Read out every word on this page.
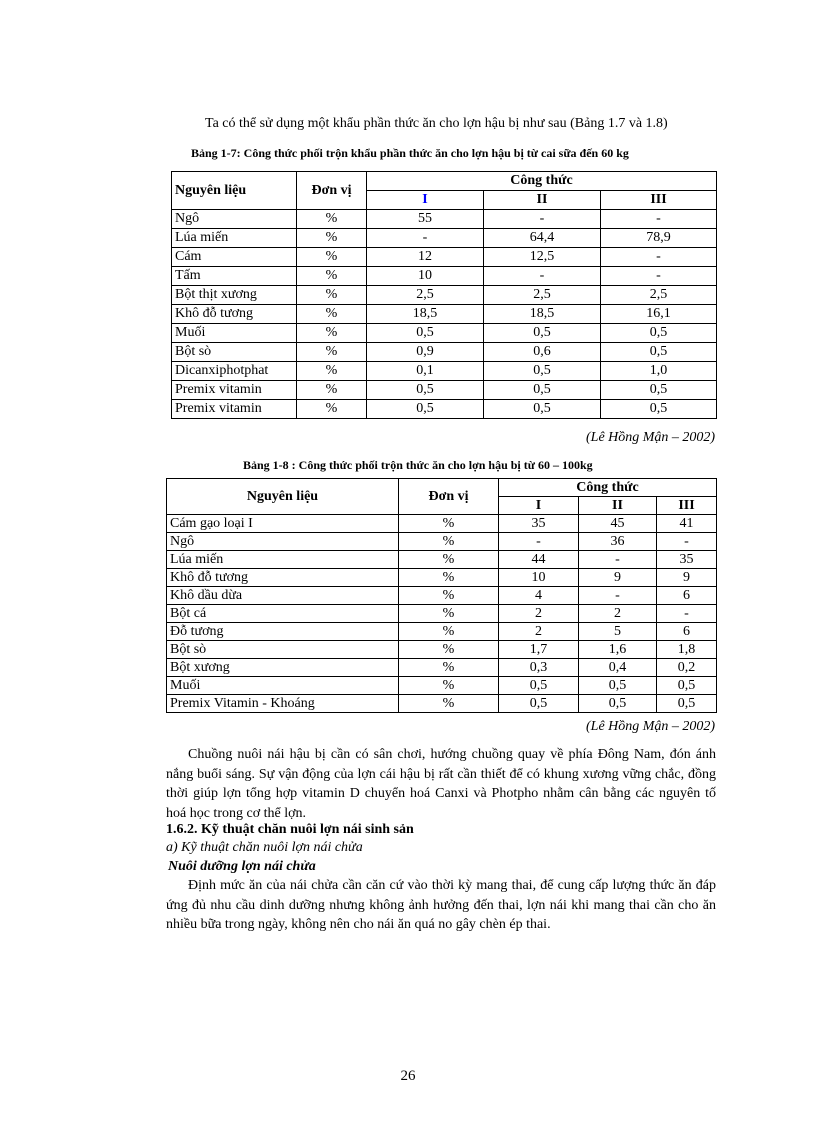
Ta có thể sử dụng một khẩu phần thức ăn cho lợn hậu bị như sau (Bảng 1.7 và 1.8)
Bảng 1-7: Công thức phối trộn khẩu phần thức ăn cho lợn hậu bị từ cai sữa đến 60 kg
Nguyên liệu	Đơn vị	Công thức		
		I	II	III
Ngô	%	55	-	-
Lúa miến	%	-	64,4	78,9
Cám	%	12	12,5	-
Tấm	%	10	-	-
Bột thịt xương	%	2,5	2,5	2,5
Khô đỗ tương	%	18,5	18,5	16,1
Muối	%	0,5	0,5	0,5
Bột sò	%	0,9	0,6	0,5
Dicanxiphotphat	%	0,1	0,5	1,0
Premix vitamin	%	0,5	0,5	0,5
Premix vitamin	%	0,5	0,5	0,5
(Lê Hồng Mận – 2002)
Bảng 1-8 : Công thức phối trộn thức ăn cho lợn hậu bị từ 60 – 100kg
Nguyên liệu	Đơn vị	Công thức		
		I	II	III
Cám gạo loại I	%	35	45	41
Ngô	%	-	36	-
Lúa miến	%	44	-	35
Khô đỗ tương	%	10	9	9
Khô dầu dừa	%	4	-	6
Bột cá	%	2	2	-
Đỗ tương	%	2	5	6
Bột sò	%	1,7	1,6	1,8
Bột xương	%	0,3	0,4	0,2
Muối	%	0,5	0,5	0,5
Premix Vitamin - Khoáng	%	0,5	0,5	0,5
(Lê Hồng Mận – 2002)
Chuồng nuôi nái hậu bị cần có sân chơi, hướng chuồng quay về phía Đông Nam, đón ánh nắng buổi sáng. Sự vận động của lợn cái hậu bị rất cần thiết để có khung xương vững chắc, đồng thời giúp lợn tổng hợp vitamin D chuyển hoá Canxi và Photpho nhằm cân bằng các nguyên tố hoá học trong cơ thể lợn.
1.6.2. Kỹ thuật chăn nuôi lợn nái sinh sản
a) Kỹ thuật chăn nuôi lợn nái chửa
Nuôi dưỡng lợn nái chửa
Định mức ăn của nái chửa cần căn cứ vào thời kỳ mang thai, để cung cấp lượng thức ăn đáp ứng đủ nhu cầu dinh dưỡng nhưng không ảnh hưởng đến thai, lợn nái khi mang thai cần cho ăn nhiều bữa trong ngày, không nên cho nái ăn quá no gây chèn ép thai.
26
